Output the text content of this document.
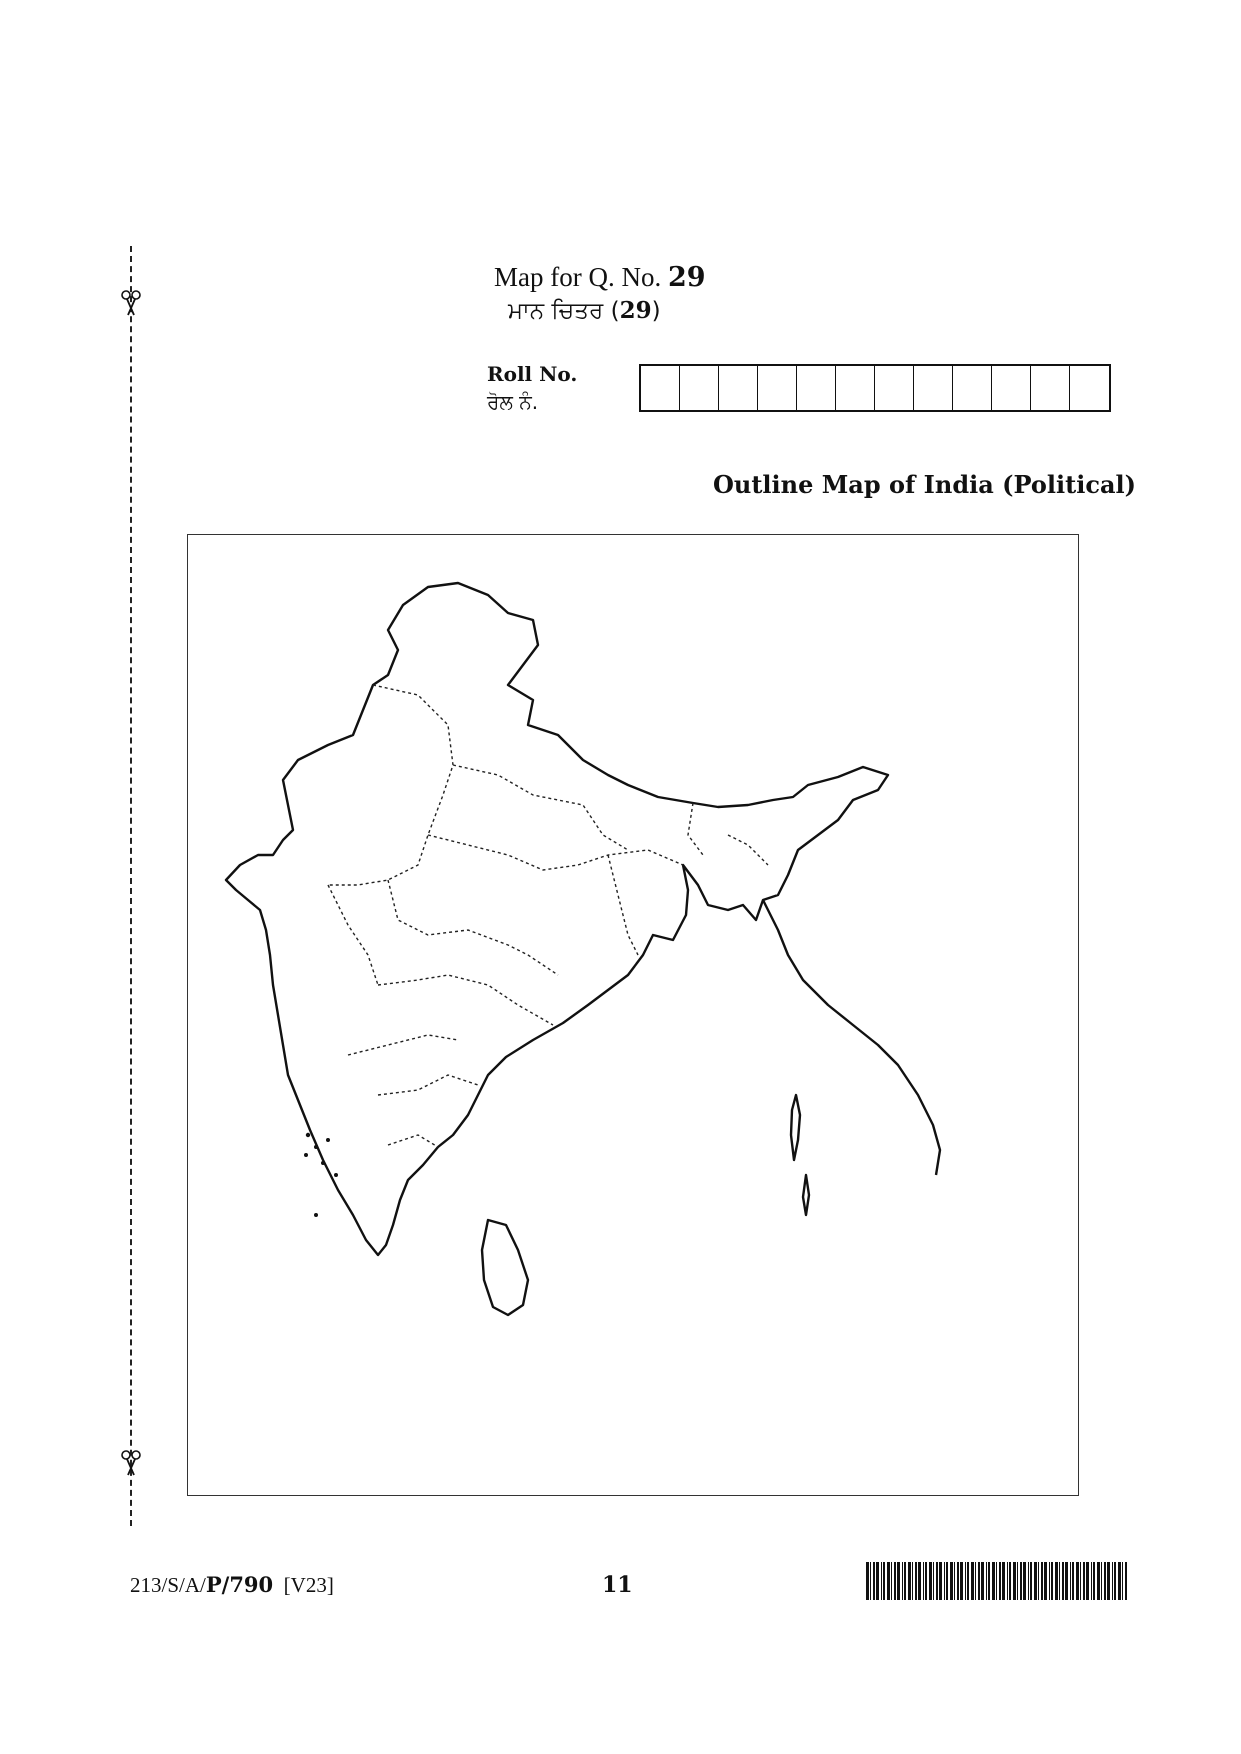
Map for Q. No. 29
ਮਾਨ ਚਿਤਰ (29)
Roll No.
ਰੋਲ ਨੰ.
Outline Map of India (Political)
213/S/A/P/790 [V23]	11
